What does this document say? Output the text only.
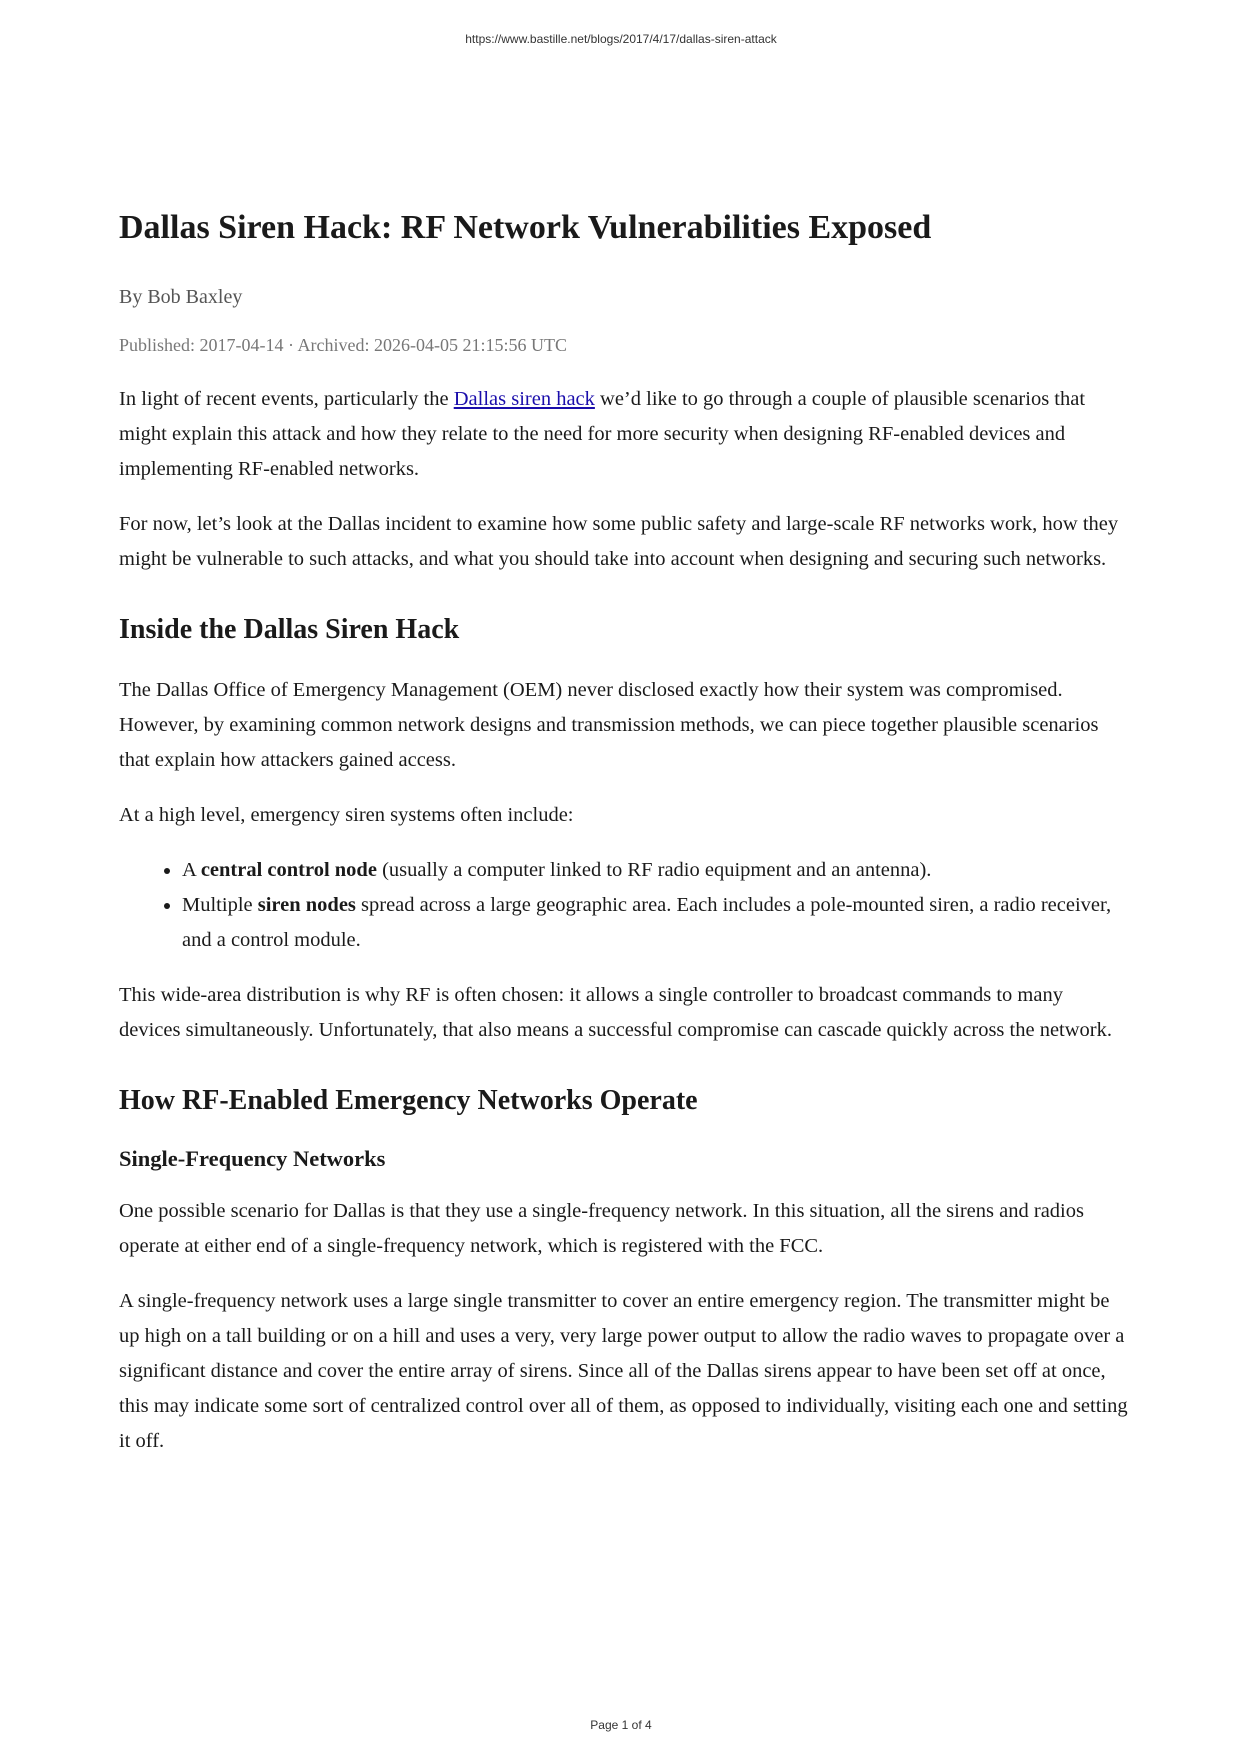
https://www.bastille.net/blogs/2017/4/17/dallas-siren-attack
Dallas Siren Hack: RF Network Vulnerabilities Exposed
By Bob Baxley
Published: 2017-04-14 · Archived: 2026-04-05 21:15:56 UTC

In light of recent events, particularly the Dallas siren hack we’d like to go through a couple of plausible scenarios that might explain this attack and how they relate to the need for more security when designing RF-enabled devices and implementing RF-enabled networks.

For now, let’s look at the Dallas incident to examine how some public safety and large-scale RF networks work, how they might be vulnerable to such attacks, and what you should take into account when designing and securing such networks.

Inside the Dallas Siren Hack

The Dallas Office of Emergency Management (OEM) never disclosed exactly how their system was compromised. However, by examining common network designs and transmission methods, we can piece together plausible scenarios that explain how attackers gained access.

At a high level, emergency siren systems often include:

• A central control node (usually a computer linked to RF radio equipment and an antenna).
• Multiple siren nodes spread across a large geographic area. Each includes a pole-mounted siren, a radio receiver, and a control module.

This wide-area distribution is why RF is often chosen: it allows a single controller to broadcast commands to many devices simultaneously. Unfortunately, that also means a successful compromise can cascade quickly across the network.

How RF-Enabled Emergency Networks Operate
Single-Frequency Networks

One possible scenario for Dallas is that they use a single-frequency network. In this situation, all the sirens and radios operate at either end of a single-frequency network, which is registered with the FCC.

A single-frequency network uses a large single transmitter to cover an entire emergency region. The transmitter might be up high on a tall building or on a hill and uses a very, very large power output to allow the radio waves to propagate over a significant distance and cover the entire array of sirens. Since all of the Dallas sirens appear to have been set off at once, this may indicate some sort of centralized control over all of them, as opposed to individually, visiting each one and setting it off.

Page 1 of 4
